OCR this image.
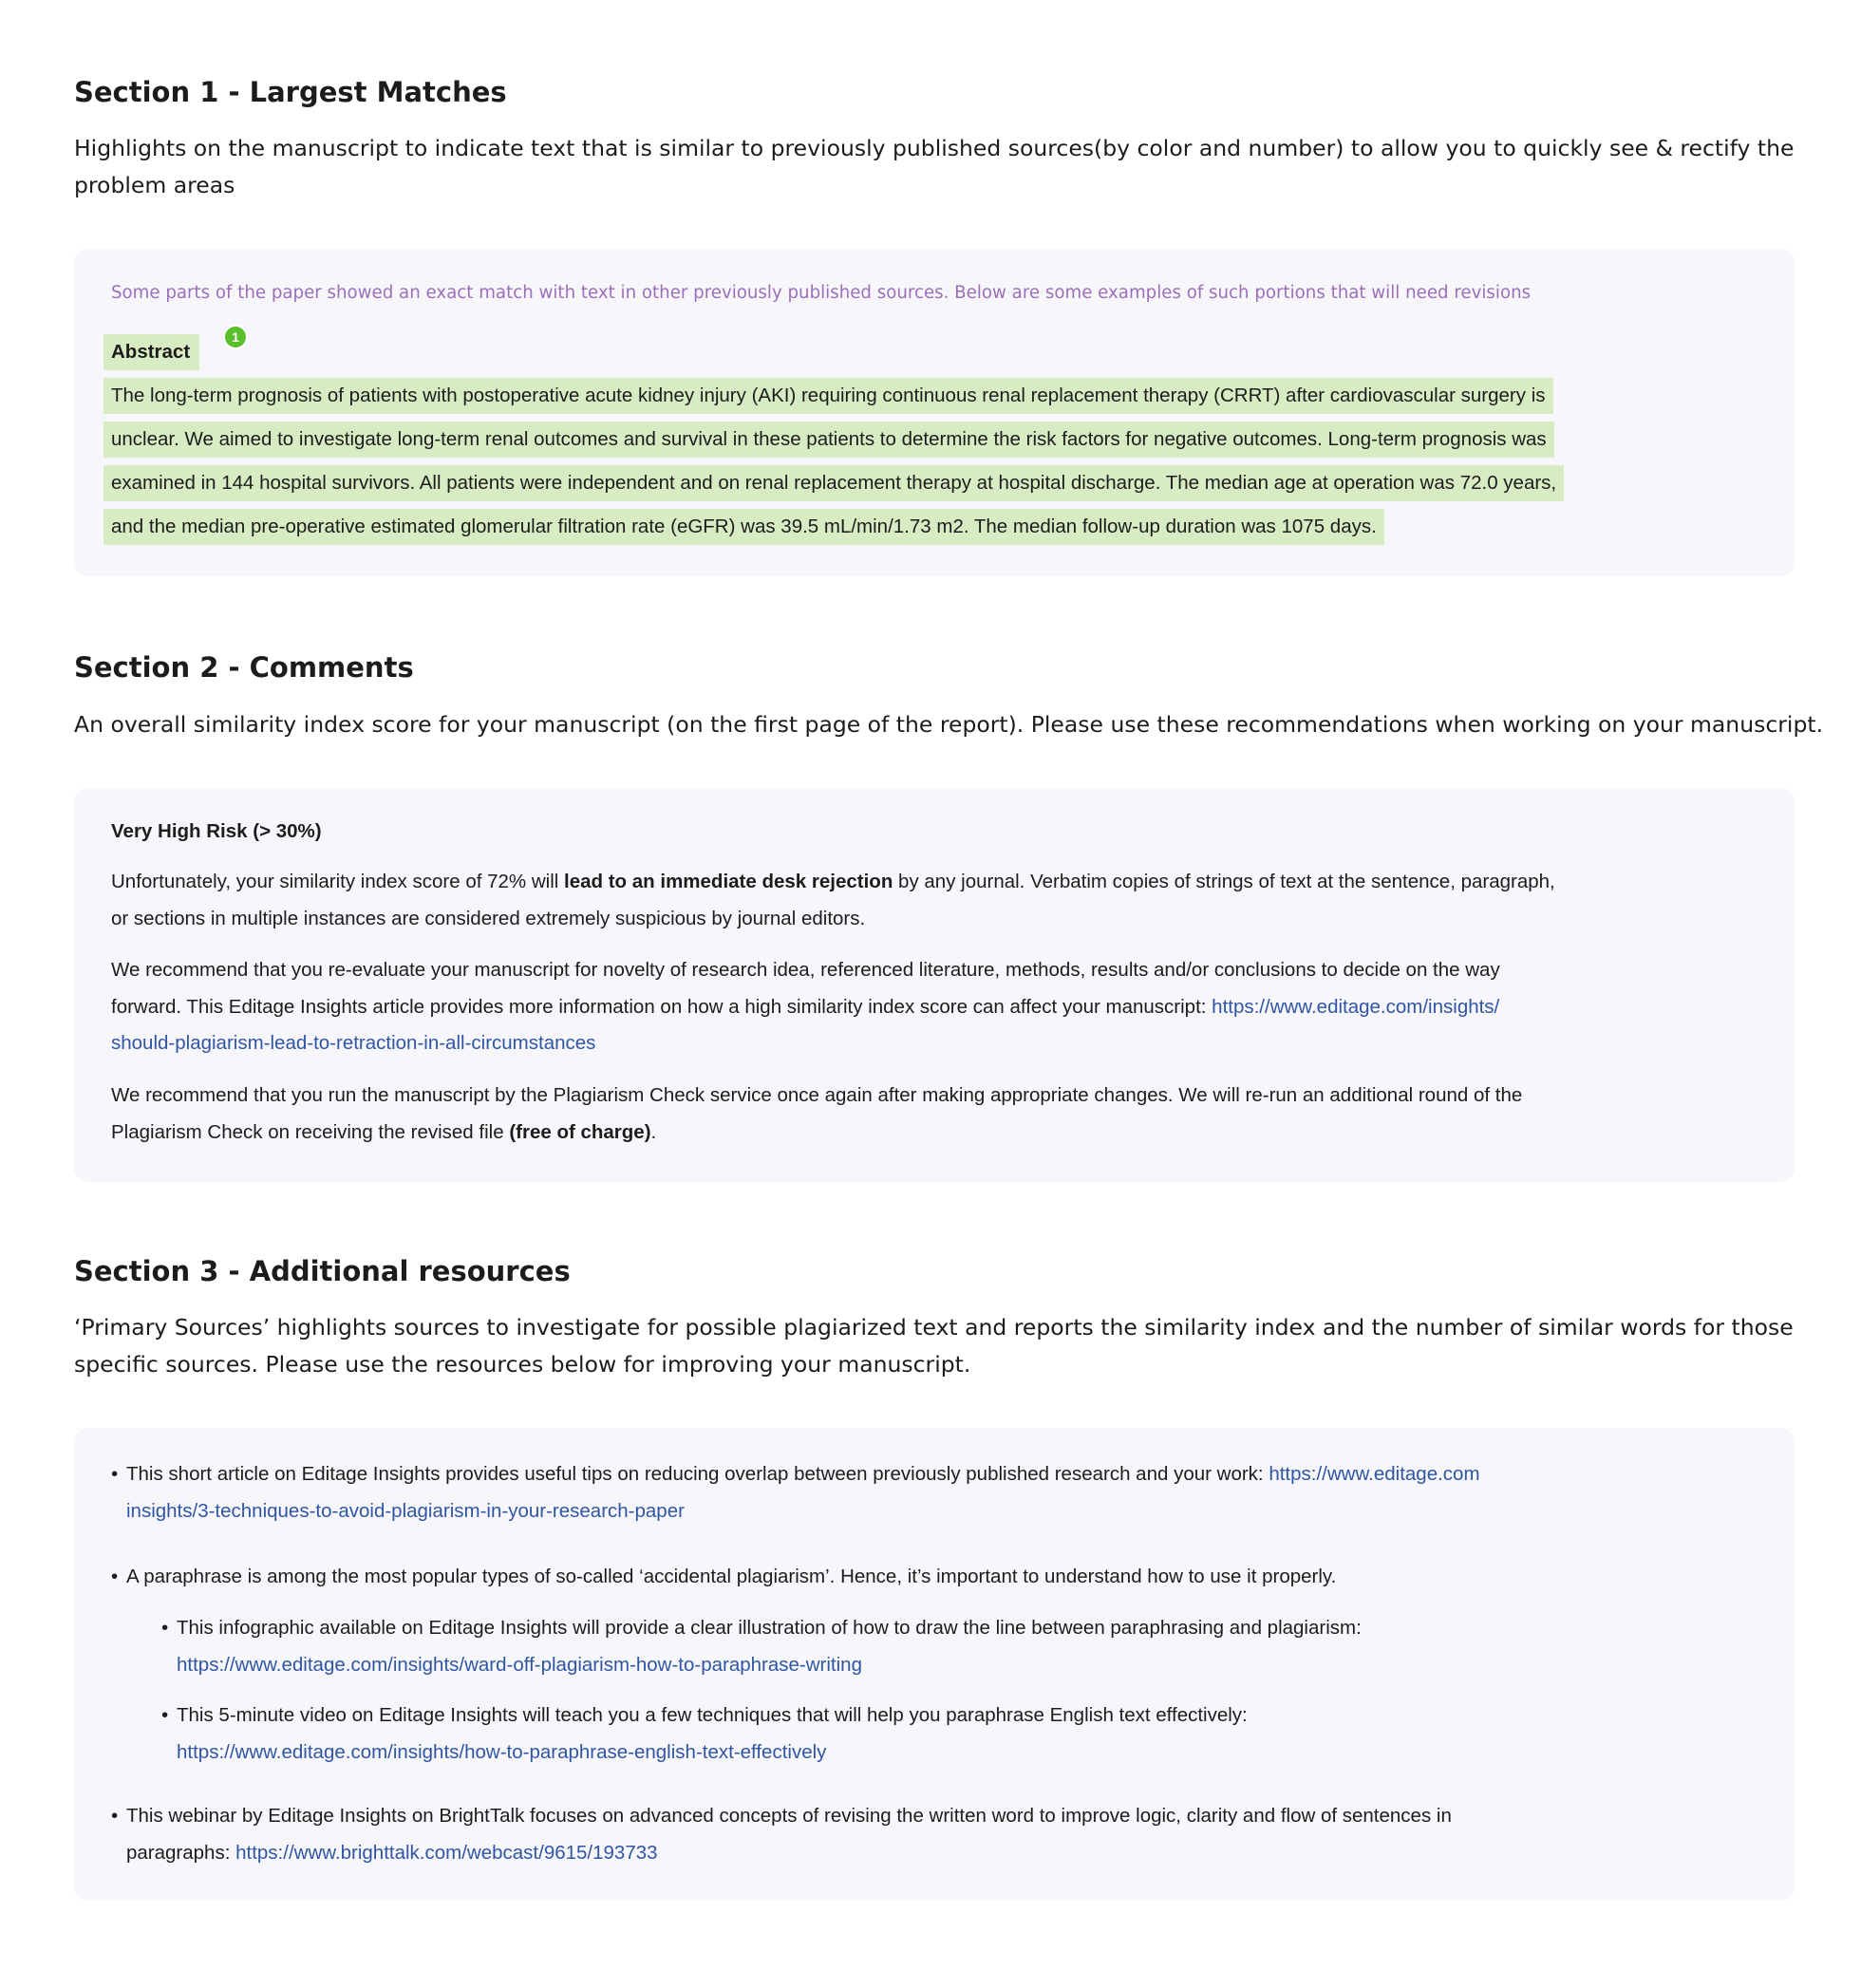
Section 1 - Largest Matches

Highlights on the manuscript to indicate text that is similar to previously published sources(by color and number) to allow you to quickly see & rectify the
problem areas

Some parts of the paper showed an exact match with text in other previously published sources. Below are some examples of such portions that will need revisions
Abstract
1
The long-term prognosis of patients with postoperative acute kidney injury (AKI) requiring continuous renal replacement therapy (CRRT) after cardiovascular surgery is
unclear. We aimed to investigate long-term renal outcomes and survival in these patients to determine the risk factors for negative outcomes. Long-term prognosis was
examined in 144 hospital survivors. All patients were independent and on renal replacement therapy at hospital discharge. The median age at operation was 72.0 years,
and the median pre-operative estimated glomerular filtration rate (eGFR) was 39.5 mL/min/1.73 m2. The median follow-up duration was 1075 days.
Section 2 - Comments

An overall similarity index score for your manuscript (on the first page of the report). Please use these recommendations when working on your manuscript.

Very High Risk (> 30%)

Unfortunately, your similarity index score of 72% will lead to an immediate desk rejection by any journal. Verbatim copies of strings of text at the sentence, paragraph,
or sections in multiple instances are considered extremely suspicious by journal editors.

We recommend that you re-evaluate your manuscript for novelty of research idea, referenced literature, methods, results and/or conclusions to decide on the way
forward. This Editage Insights article provides more information on how a high similarity index score can affect your manuscript: https://www.editage.com/insights/
should-plagiarism-lead-to-retraction-in-all-circumstances

We recommend that you run the manuscript by the Plagiarism Check service once again after making appropriate changes. We will re-run an additional round of the
Plagiarism Check on receiving the revised file (free of charge).

Section 3 - Additional resources

‘Primary Sources’ highlights sources to investigate for possible plagiarized text and reports the similarity index and the number of similar words for those
specific sources. Please use the resources below for improving your manuscript.

• This short article on Editage Insights provides useful tips on reducing overlap between previously published research and your work: https://www.editage.com
insights/3-techniques-to-avoid-plagiarism-in-your-research-paper
• A paraphrase is among the most popular types of so-called ‘accidental plagiarism’. Hence, it’s important to understand how to use it properly.
• This infographic available on Editage Insights will provide a clear illustration of how to draw the line between paraphrasing and plagiarism:
https://www.editage.com/insights/ward-off-plagiarism-how-to-paraphrase-writing
• This 5-minute video on Editage Insights will teach you a few techniques that will help you paraphrase English text effectively:
https://www.editage.com/insights/how-to-paraphrase-english-text-effectively
• This webinar by Editage Insights on BrightTalk focuses on advanced concepts of revising the written word to improve logic, clarity and flow of sentences in
paragraphs: https://www.brighttalk.com/webcast/9615/193733
